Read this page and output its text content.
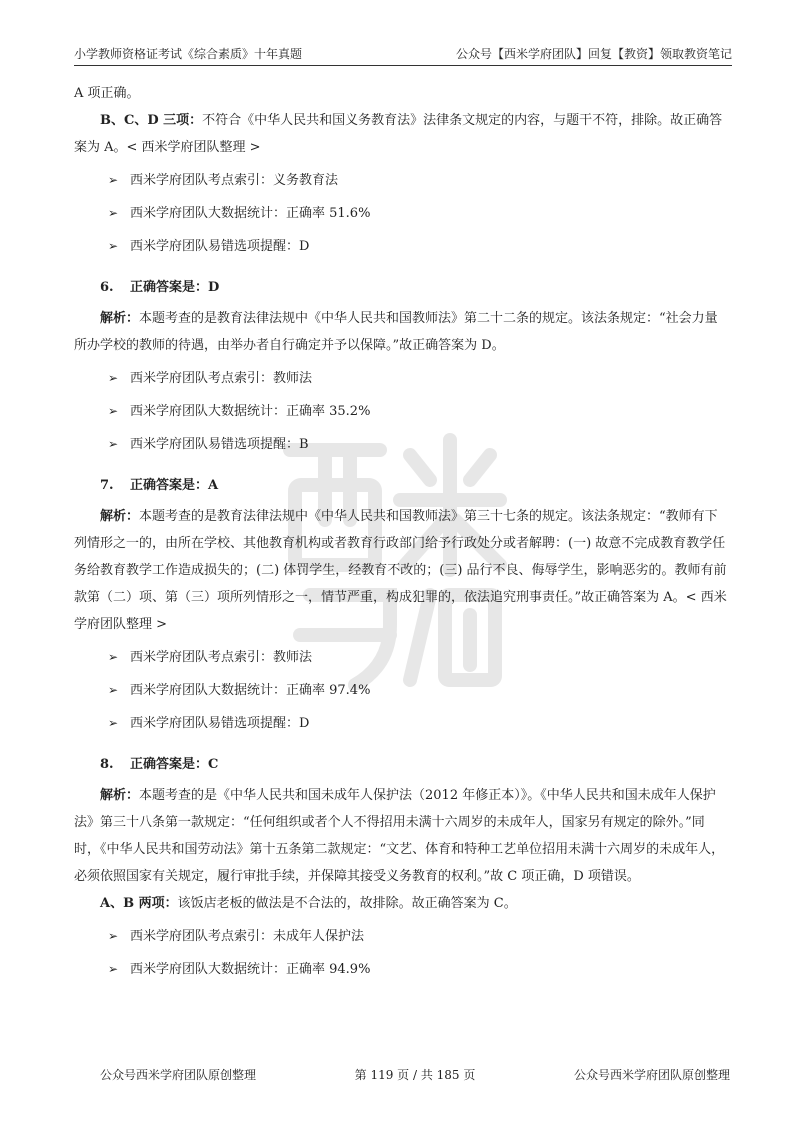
小学教师资格证考试《综合素质》十年真题	公众号【西米学府团队】回复【教资】领取教资笔记

A 项正确。

B、C、D 三项：不符合《中华人民共和国义务教育法》法律条文规定的内容，与题干不符，排除。故正确答案为 A。< 西米学府团队整理 >

➢ 西米学府团队考点索引：义务教育法
➢ 西米学府团队大数据统计：正确率 51.6%
➢ 西米学府团队易错选项提醒：D
6. 正确答案是：D

解析：本题考查的是教育法律法规中《中华人民共和国教师法》第二十二条的规定。该法条规定：“社会力量所办学校的教师的待遇，由举办者自行确定并予以保障。”故正确答案为 D。

➢ 西米学府团队考点索引：教师法
➢ 西米学府团队大数据统计：正确率 35.2%
➢ 西米学府团队易错选项提醒：B
7. 正确答案是：A

解析：本题考查的是教育法律法规中《中华人民共和国教师法》第三十七条的规定。该法条规定：“教师有下列情形之一的，由所在学校、其他教育机构或者教育行政部门给予行政处分或者解聘：(一) 故意不完成教育教学任务给教育教学工作造成损失的；(二) 体罚学生，经教育不改的；(三) 品行不良、侮辱学生，影响恶劣的。教师有前款第（二）项、第（三）项所列情形之一，情节严重，构成犯罪的，依法追究刑事责任。”故正确答案为 A。< 西米学府团队整理 >

➢ 西米学府团队考点索引：教师法
➢ 西米学府团队大数据统计：正确率 97.4%
➢ 西米学府团队易错选项提醒：D
8. 正确答案是：C

解析：本题考查的是《中华人民共和国未成年人保护法（2012 年修正本）》。《中华人民共和国未成年人保护法》第三十八条第一款规定：“任何组织或者个人不得招用未满十六周岁的未成年人，国家另有规定的除外。”同时，《中华人民共和国劳动法》第十五条第二款规定：“文艺、体育和特种工艺单位招用未满十六周岁的未成年人，必须依照国家有关规定，履行审批手续，并保障其接受义务教育的权利。”故 C 项正确，D 项错误。

A、B 两项：该饭店老板的做法是不合法的，故排除。故正确答案为 C。

➢ 西米学府团队考点索引：未成年人保护法
➢ 西米学府团队大数据统计：正确率 94.9%
公众号西米学府团队原创整理	第 119 页 / 共 185 页	公众号西米学府团队原创整理
